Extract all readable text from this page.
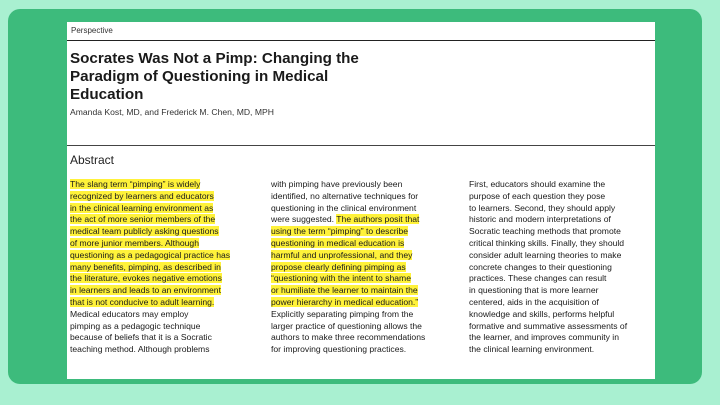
Perspective
Socrates Was Not a Pimp: Changing the
Paradigm of Questioning in Medical
Education
Amanda Kost, MD, and Frederick M. Chen, MD, MPH
Abstract
The slang term “pimping” is widely
recognized by learners and educators
in the clinical learning environment as
the act of more senior members of the
medical team publicly asking questions
of more junior members. Although
questioning as a pedagogical practice has
many benefits, pimping, as described in
the literature, evokes negative emotions
in learners and leads to an environment
that is not conducive to adult learning.
Medical educators may employ
pimping as a pedagogic technique
because of beliefs that it is a Socratic
teaching method. Although problems
with pimping have previously been
identified, no alternative techniques for
questioning in the clinical environment
were suggested. The authors posit that
using the term “pimping” to describe
questioning in medical education is
harmful and unprofessional, and they
propose clearly defining pimping as
“questioning with the intent to shame
or humiliate the learner to maintain the
power hierarchy in medical education.”
Explicitly separating pimping from the
larger practice of questioning allows the
authors to make three recommendations
for improving questioning practices.
First, educators should examine the
purpose of each question they pose
to learners. Second, they should apply
historic and modern interpretations of
Socratic teaching methods that promote
critical thinking skills. Finally, they should
consider adult learning theories to make
concrete changes to their questioning
practices. These changes can result
in questioning that is more learner
centered, aids in the acquisition of
knowledge and skills, performs helpful
formative and summative assessments of
the learner, and improves community in
the clinical learning environment.
